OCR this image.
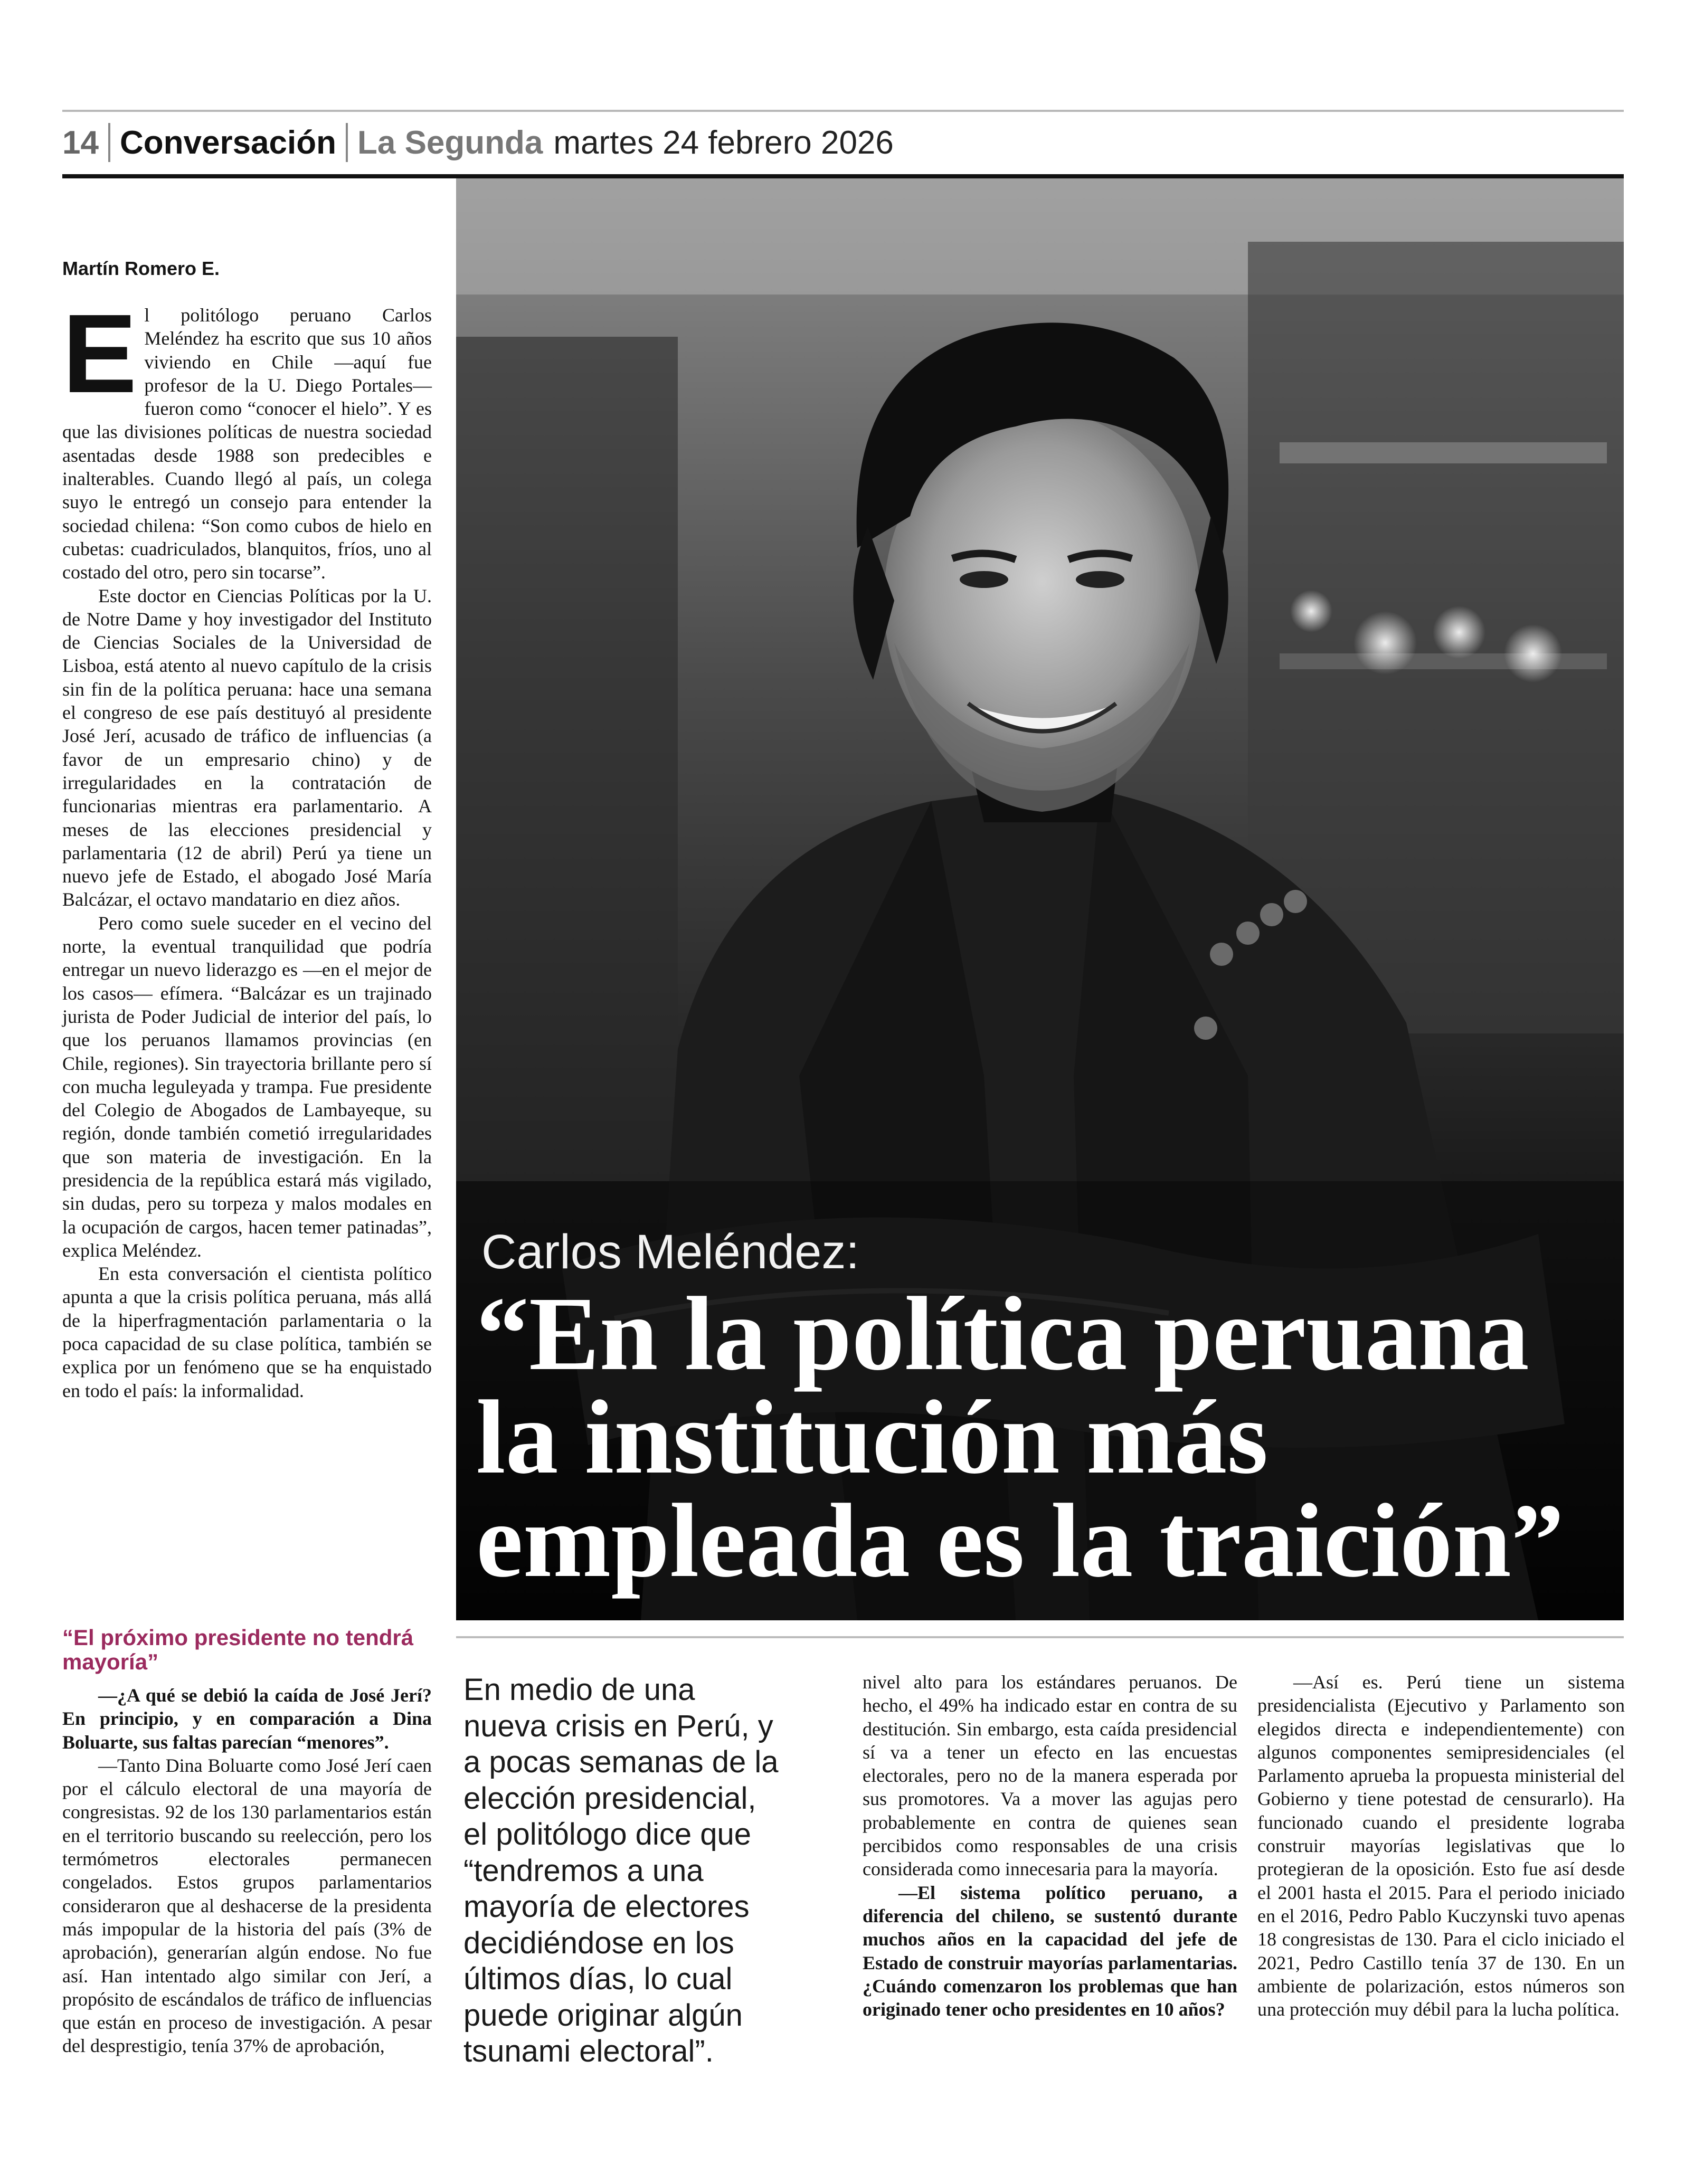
14 Conversación La Segunda martes 24 febrero 2026
Martín Romero E.

El politólogo peruano Carlos Meléndez ha escrito que sus 10 años viviendo en Chile —aquí fue profesor de la U. Diego Portales— fueron como “conocer el hielo”. Y es que las divisiones políticas de nuestra sociedad asentadas desde 1988 son predecibles e inalterables. Cuando llegó al país, un colega suyo le entregó un consejo para entender la sociedad chilena: “Son como cubos de hielo en cubetas: cuadriculados, blanquitos, fríos, uno al costado del otro, pero sin tocarse”.

Este doctor en Ciencias Políticas por la U. de Notre Dame y hoy investigador del Instituto de Ciencias Sociales de la Universidad de Lisboa, está atento al nuevo capítulo de la crisis sin fin de la política peruana: hace una semana el congreso de ese país destituyó al presidente José Jerí, acusado de tráfico de influencias (a favor de un empresario chino) y de irregularidades en la contratación de funcionarias mientras era parlamentario. A meses de las elecciones presidencial y parlamentaria (12 de abril) Perú ya tiene un nuevo jefe de Estado, el abogado José María Balcázar, el octavo mandatario en diez años.

Pero como suele suceder en el vecino del norte, la eventual tranquilidad que podría entregar un nuevo liderazgo es —en el mejor de los casos— efímera. “Balcázar es un trajinado jurista de Poder Judicial de interior del país, lo que los peruanos llamamos provincias (en Chile, regiones). Sin trayectoria brillante pero sí con mucha leguleyada y trampa. Fue presidente del Colegio de Abogados de Lambayeque, su región, donde también cometió irregularidades que son materia de investigación. En la presidencia de la república estará más vigilado, sin dudas, pero su torpeza y malos modales en la ocupación de cargos, hacen temer patinadas”, explica Meléndez.

En esta conversación el cientista político apunta a que la crisis política peruana, más allá de la hiperfragmentación parlamentaria o la poca capacidad de su clase política, también se explica por un fenómeno que se ha enquistado en todo el país: la informalidad.

“El próximo presidente no tendrá mayoría”

—¿A qué se debió la caída de José Jerí? En principio, y en comparación a Dina Boluarte, sus faltas parecían “menores”.

—Tanto Dina Boluarte como José Jerí caen por el cálculo electoral de una mayoría de congresistas. 92 de los 130 parlamentarios están en el territorio buscando su reelección, pero los termómetros electorales permanecen congelados. Estos grupos parlamentarios consideraron que al deshacerse de la presidenta más impopular de la historia del país (3% de aprobación), generarían algún endose. No fue así. Han intentado algo similar con Jerí, a propósito de escándalos de tráfico de influencias que están en proceso de investigación. A pesar del desprestigio, tenía 37% de aprobación,

Carlos Meléndez:
“En la política peruana la institución más empleada es la traición”
En medio de una nueva crisis en Perú, y a pocas semanas de la elección presidencial, el politólogo dice que “tendremos a una mayoría de electores decidiéndose en los últimos días, lo cual puede originar algún tsunami electoral”.

nivel alto para los estándares peruanos. De hecho, el 49% ha indicado estar en contra de su destitución. Sin embargo, esta caída presidencial sí va a tener un efecto en las encuestas electorales, pero no de la manera esperada por sus promotores. Va a mover las agujas pero probablemente en contra de quienes sean percibidos como responsables de una crisis considerada como innecesaria para la mayoría.

—El sistema político peruano, a diferencia del chileno, se sustentó durante muchos años en la capacidad del jefe de Estado de construir mayorías parlamentarias. ¿Cuándo comenzaron los problemas que han originado tener ocho presidentes en 10 años?

—Así es. Perú tiene un sistema presidencialista (Ejecutivo y Parlamento son elegidos directa e independientemente) con algunos componentes semipresidenciales (el Parlamento aprueba la propuesta ministerial del Gobierno y tiene potestad de censurarlo). Ha funcionado cuando el presidente lograba construir mayorías legislativas que lo protegieran de la oposición. Esto fue así desde el 2001 hasta el 2015. Para el periodo iniciado en el 2016, Pedro Pablo Kuczynski tuvo apenas 18 congresistas de 130. Para el ciclo iniciado el 2021, Pedro Castillo tenía 37 de 130. En un ambiente de polarización, estos números son una protección muy débil para la lucha política.
